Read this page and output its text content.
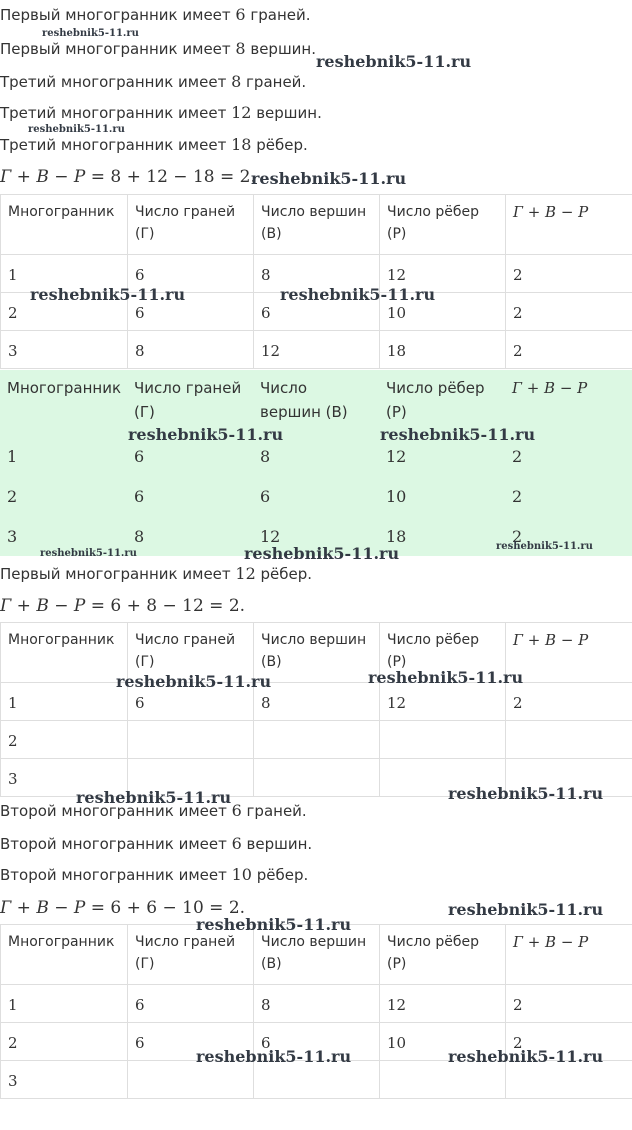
Первый многогранник имеет 6 граней.
Первый многогранник имеет 8 вершин.
Третий многогранник имеет 8 граней.
Третий многогранник имеет 12 вершин.
Третий многогранник имеет 18 рёбер.
Г + В − Р = 8 + 12 − 18 = 2.
Многогранник	Число граней (Г)	Число вершин (В)	Число рёбер (Р)	Г + В − Р
1	6	8	12	2
2	6	6	10	2
3	8	12	18	2
Многогранник	Число граней (Г)	Число вершин (В)	Число рёбер (Р)	Г + В − Р
1	6	8	12	2
2	6	6	10	2
3	8	12	18	2
Первый многогранник имеет 12 рёбер.
Г + В − Р = 6 + 8 − 12 = 2.
Многогранник	Число граней (Г)	Число вершин (В)	Число рёбер (Р)	Г + В − Р
1	6	8	12	2
2				
3				
Второй многогранник имеет 6 граней.
Второй многогранник имеет 6 вершин.
Второй многогранник имеет 10 рёбер.
Г + В − Р = 6 + 6 − 10 = 2.
Многогранник	Число граней (Г)	Число вершин (В)	Число рёбер (Р)	Г + В − Р
1	6	8	12	2
2	6	6	10	2
3				
reshebnik5-11.ru
reshebnik5-11.ru
reshebnik5-11.ru
reshebnik5-11.ru
reshebnik5-11.ru	reshebnik5-11.ru
reshebnik5-11.ru	reshebnik5-11.ru
reshebnik5-11.ru	reshebnik5-11.ru	reshebnik5-11.ru
reshebnik5-11.ru	reshebnik5-11.ru
reshebnik5-11.ru	reshebnik5-11.ru
reshebnik5-11.ru
reshebnik5-11.ru
reshebnik5-11.ru	reshebnik5-11.ru
